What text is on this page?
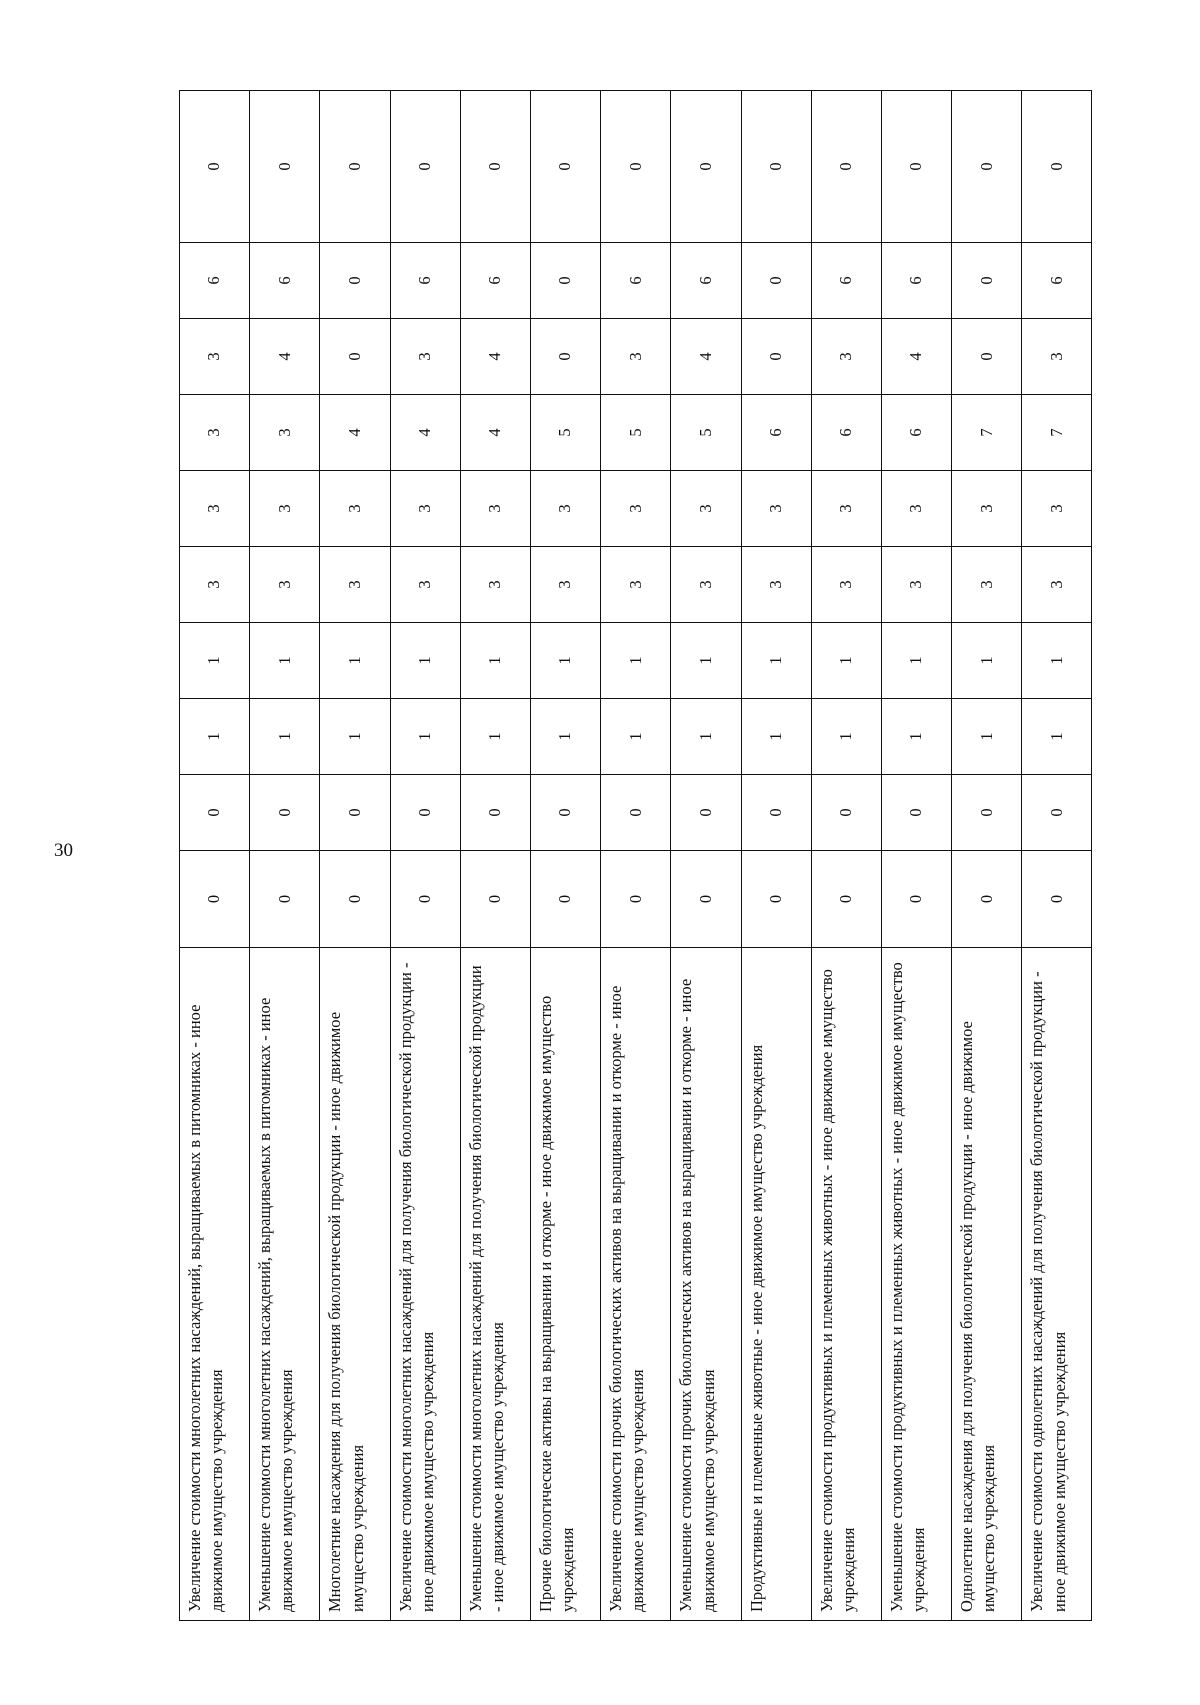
30
Увеличение стоимости многолетних насаждений, выращиваемых в питомниках - иное движимое имущество учреждения	0	0	1	1	3	3	3	3	6	0
Уменьшение стоимости многолетних насаждений, выращиваемых в питомниках - иное движимое имущество учреждения	0	0	1	1	3	3	3	4	6	0
Многолетние насаждения для получения биологической продукции - иное движимое имущество учреждения	0	0	1	1	3	3	4	0	0	0
Увеличение стоимости многолетних насаждений для получения биологической продукции - иное движимое имущество учреждения	0	0	1	1	3	3	4	3	6	0
Уменьшение стоимости многолетних насаждений для получения биологической продукции - иное движимое имущество учреждения	0	0	1	1	3	3	4	4	6	0
Прочие биологические активы на выращивании и откорме - иное движимое имущество учреждения	0	0	1	1	3	3	5	0	0	0
Увеличение стоимости прочих биологических активов на выращивании и откорме - иное движимое имущество учреждения	0	0	1	1	3	3	5	3	6	0
Уменьшение стоимости прочих биологических активов на выращивании и откорме - иное движимое имущество учреждения	0	0	1	1	3	3	5	4	6	0
Продуктивные и племенные животные - иное движимое имущество учреждения	0	0	1	1	3	3	6	0	0	0
Увеличение стоимости продуктивных и племенных животных - иное движимое имущество учреждения	0	0	1	1	3	3	6	3	6	0
Уменьшение стоимости продуктивных и племенных животных - иное движимое имущество учреждения	0	0	1	1	3	3	6	4	6	0
Однолетние насаждения для получения биологической продукции - иное движимое имущество учреждения	0	0	1	1	3	3	7	0	0	0
Увеличение стоимости однолетних насаждений для получения биологической продукции - иное движимое имущество учреждения	0	0	1	1	3	3	7	3	6	0
